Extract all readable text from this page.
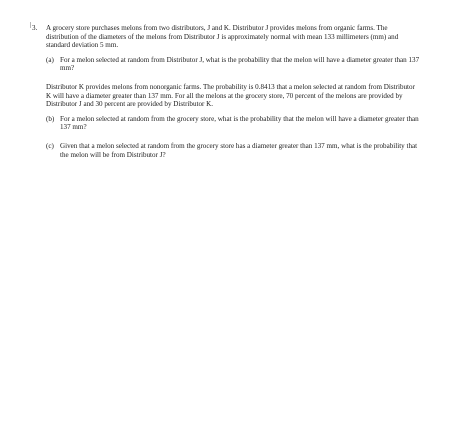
3.	A grocery store purchases melons from two distributors, J and K. Distributor J provides melons from organic farms. The distribution of the diameters of the melons from Distributor J is approximately normal with mean 133 millimeters (mm) and standard deviation 5 mm.

(a) For a melon selected at random from Distributor J, what is the probability that the melon will have a diameter greater than 137 mm?

Distributor K provides melons from nonorganic farms. The probability is 0.8413 that a melon selected at random from Distributor K will have a diameter greater than 137 mm. For all the melons at the grocery store, 70 percent of the melons are provided by Distributor J and 30 percent are provided by Distributor K.

(b) For a melon selected at random from the grocery store, what is the probability that the melon will have a diameter greater than 137 mm?
(c) Given that a melon selected at random from the grocery store has a diameter greater than 137 mm, what is the probability that the melon will be from Distributor J?
